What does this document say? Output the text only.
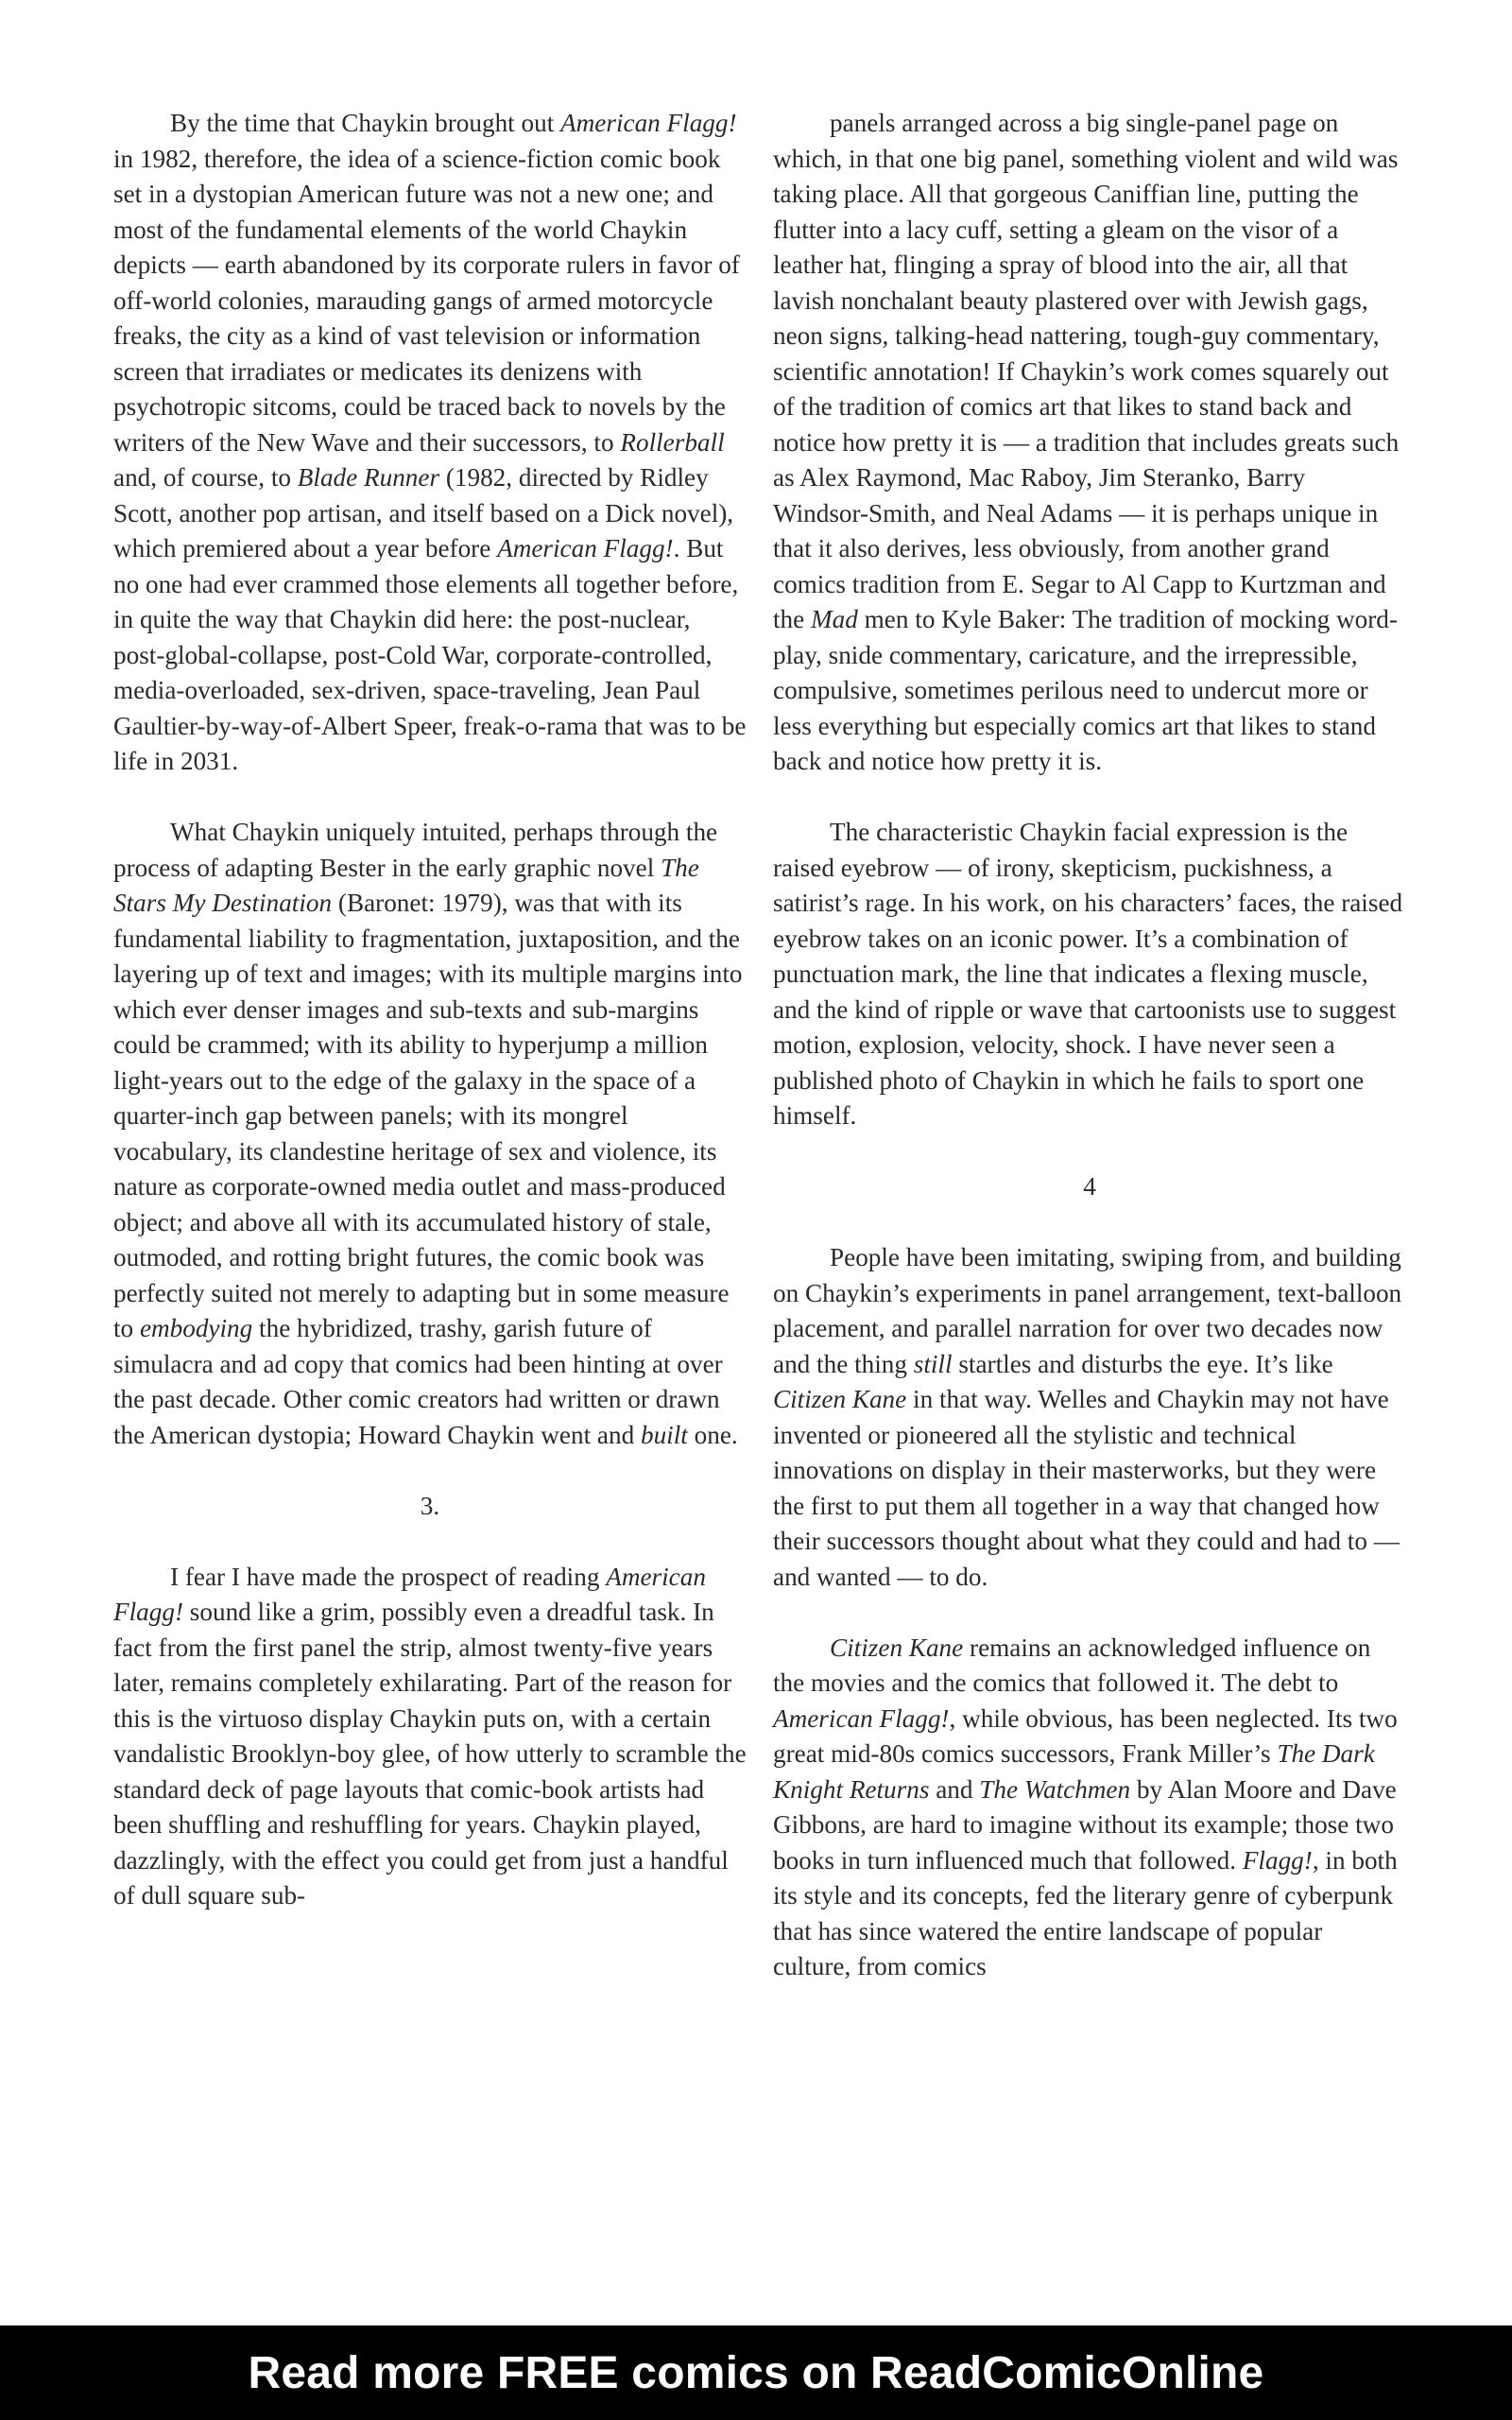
By the time that Chaykin brought out American Flagg! in 1982, therefore, the idea of a science-fiction comic book set in a dystopian American future was not a new one; and most of the fundamental elements of the world Chaykin depicts — earth abandoned by its corporate rulers in favor of off-world colonies, marauding gangs of armed motorcycle freaks, the city as a kind of vast television or information screen that irradiates or medicates its denizens with psychotropic sitcoms, could be traced back to novels by the writers of the New Wave and their successors, to Rollerball and, of course, to Blade Runner (1982, directed by Ridley Scott, another pop artisan, and itself based on a Dick novel), which premiered about a year before American Flagg!. But no one had ever crammed those elements all together before, in quite the way that Chaykin did here: the post-nuclear, post-global-collapse, post-Cold War, corporate-controlled, media-overloaded, sex-driven, space-traveling, Jean Paul Gaultier-by-way-of-Albert Speer, freak-o-rama that was to be life in 2031.

What Chaykin uniquely intuited, perhaps through the process of adapting Bester in the early graphic novel The Stars My Destination (Baronet: 1979), was that with its fundamental liability to fragmentation, juxtaposition, and the layering up of text and images; with its multiple margins into which ever denser images and sub-texts and sub-margins could be crammed; with its ability to hyperjump a million light-years out to the edge of the galaxy in the space of a quarter-inch gap between panels; with its mongrel vocabulary, its clandestine heritage of sex and violence, its nature as corporate-owned media outlet and mass-produced object; and above all with its accumulated history of stale, outmoded, and rotting bright futures, the comic book was perfectly suited not merely to adapting but in some measure to embodying the hybridized, trashy, garish future of simulacra and ad copy that comics had been hinting at over the past decade. Other comic creators had written or drawn the American dystopia; Howard Chaykin went and built one.

3.

I fear I have made the prospect of reading American Flagg! sound like a grim, possibly even a dreadful task. In fact from the first panel the strip, almost twenty-five years later, remains completely exhilarating. Part of the reason for this is the virtuoso display Chaykin puts on, with a certain vandalistic Brooklyn-boy glee, of how utterly to scramble the standard deck of page layouts that comic-book artists had been shuffling and reshuffling for years. Chaykin played, dazzlingly, with the effect you could get from just a handful of dull square sub-

panels arranged across a big single-panel page on which, in that one big panel, something violent and wild was taking place. All that gorgeous Caniffian line, putting the flutter into a lacy cuff, setting a gleam on the visor of a leather hat, flinging a spray of blood into the air, all that lavish nonchalant beauty plastered over with Jewish gags, neon signs, talking-head nattering, tough-guy commentary, scientific annotation! If Chaykin’s work comes squarely out of the tradition of comics art that likes to stand back and notice how pretty it is — a tradition that includes greats such as Alex Raymond, Mac Raboy, Jim Steranko, Barry Windsor-Smith, and Neal Adams — it is perhaps unique in that it also derives, less obviously, from another grand comics tradition from E. Segar to Al Capp to Kurtzman and the Mad men to Kyle Baker: The tradition of mocking word-play, snide commentary, caricature, and the irrepressible, compulsive, sometimes perilous need to undercut more or less everything but especially comics art that likes to stand back and notice how pretty it is.

The characteristic Chaykin facial expression is the raised eyebrow — of irony, skepticism, puckishness, a satirist’s rage. In his work, on his characters’ faces, the raised eyebrow takes on an iconic power. It’s a combination of punctuation mark, the line that indicates a flexing muscle, and the kind of ripple or wave that cartoonists use to suggest motion, explosion, velocity, shock. I have never seen a published photo of Chaykin in which he fails to sport one himself.

4

People have been imitating, swiping from, and building on Chaykin’s experiments in panel arrangement, text-balloon placement, and parallel narration for over two decades now and the thing still startles and disturbs the eye. It’s like Citizen Kane in that way. Welles and Chaykin may not have invented or pioneered all the stylistic and technical innovations on display in their masterworks, but they were the first to put them all together in a way that changed how their successors thought about what they could and had to — and wanted — to do.

Citizen Kane remains an acknowledged influence on the movies and the comics that followed it. The debt to American Flagg!, while obvious, has been neglected. Its two great mid-80s comics successors, Frank Miller’s The Dark Knight Returns and The Watchmen by Alan Moore and Dave Gibbons, are hard to imagine without its example; those two books in turn influenced much that followed. Flagg!, in both its style and its concepts, fed the literary genre of cyberpunk that has since watered the entire landscape of popular culture, from comics

Read more FREE comics on ReadComicOnline
